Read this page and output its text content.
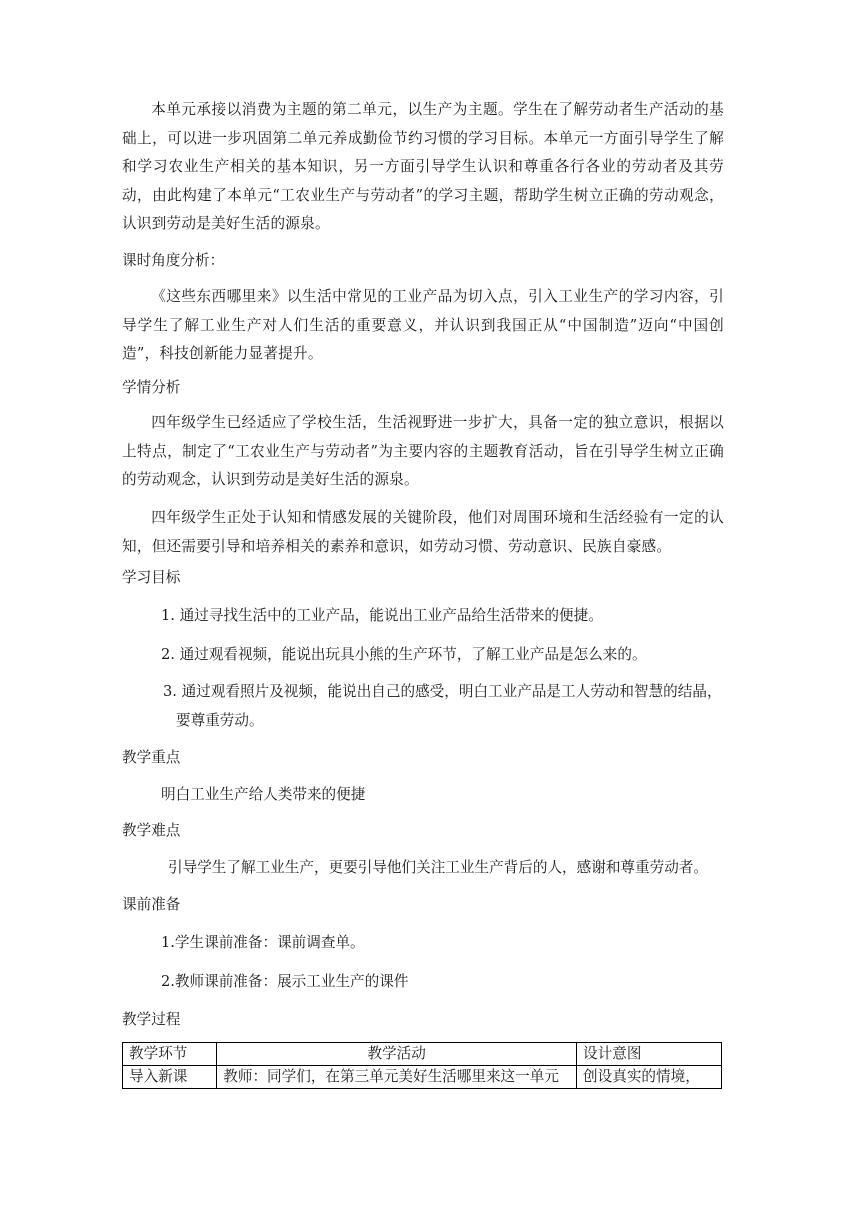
本单元承接以消费为主题的第二单元，以生产为主题。学生在了解劳动者生产活动的基础上，可以进一步巩固第二单元养成勤俭节约习惯的学习目标。本单元一方面引导学生了解和学习农业生产相关的基本知识，另一方面引导学生认识和尊重各行各业的劳动者及其劳动，由此构建了本单元“工农业生产与劳动者”的学习主题，帮助学生树立正确的劳动观念，认识到劳动是美好生活的源泉。

课时角度分析：

《这些东西哪里来》以生活中常见的工业产品为切入点，引入工业生产的学习内容，引导学生了解工业生产对人们生活的重要意义，并认识到我国正从“中国制造”迈向“中国创造”，科技创新能力显著提升。

学情分析

四年级学生已经适应了学校生活，生活视野进一步扩大，具备一定的独立意识，根据以上特点，制定了“工农业生产与劳动者”为主要内容的主题教育活动，旨在引导学生树立正确的劳动观念，认识到劳动是美好生活的源泉。

四年级学生正处于认知和情感发展的关键阶段，他们对周围环境和生活经验有一定的认知，但还需要引导和培养相关的素养和意识，如劳动习惯、劳动意识、民族自豪感。

学习目标

1. 通过寻找生活中的工业产品，能说出工业产品给生活带来的便捷。

2. 通过观看视频，能说出玩具小熊的生产环节，了解工业产品是怎么来的。

3. 通过观看照片及视频，能说出自己的感受，明白工业产品是工人劳动和智慧的结晶，
要尊重劳动。

教学重点

明白工业生产给人类带来的便捷

教学难点

引导学生了解工业生产，更要引导他们关注工业生产背后的人，感谢和尊重劳动者。

课前准备

1.学生课前准备：课前调查单。

2.教师课前准备：展示工业生产的课件

教学过程

教学环节	教学活动	设计意图
导入新课	教师：同学们，在第三单元美好生活哪里来这一单元	创设真实的情境，
